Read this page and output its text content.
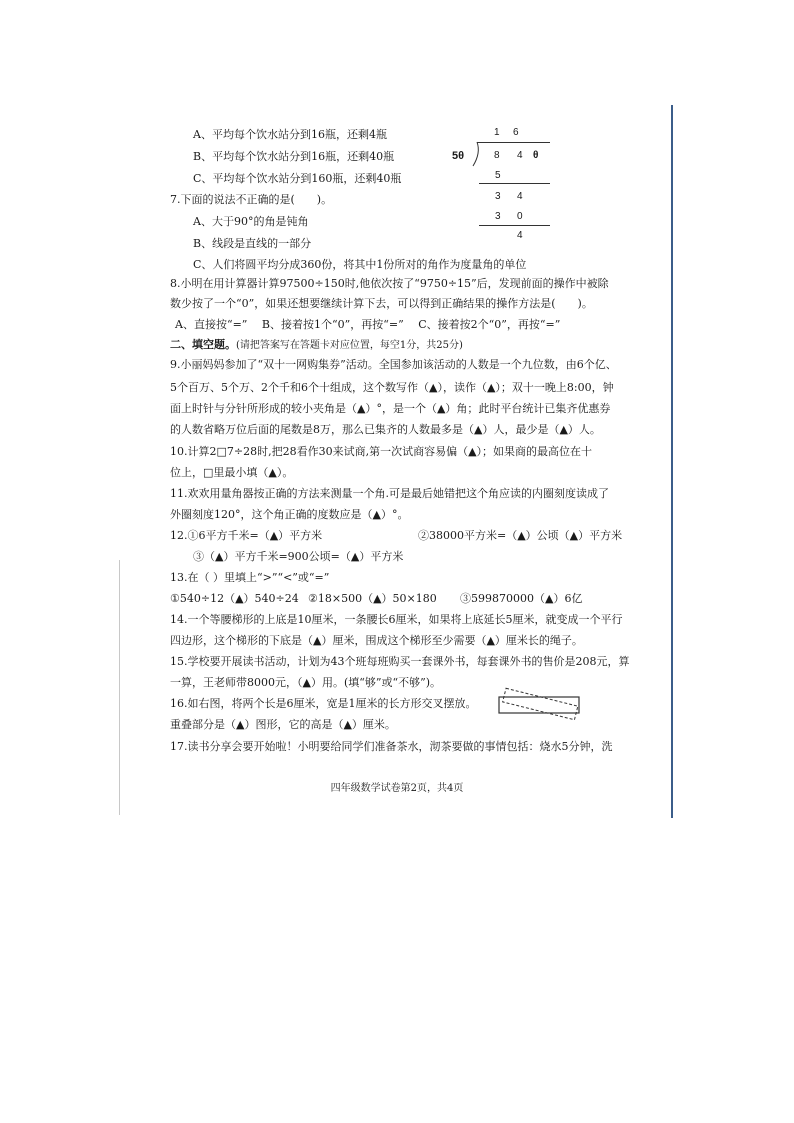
A、平均每个饮水站分到16瓶，还剩4瓶
B、平均每个饮水站分到16瓶，还剩40瓶
C、平均每个饮水站分到160瓶，还剩40瓶
1 6
5θ	8 4 θ
5
3 4
3 0
4
7.下面的说法不正确的是(　　)。
A、大于90°的角是钝角
B、线段是直线的一部分
C、人们将圆平均分成360份，将其中1份所对的角作为度量角的单位
8.小明在用计算器计算97500÷150时,他依次按了“9750÷15”后，发现前面的操作中被除
数少按了一个“0”，如果还想要继续计算下去，可以得到正确结果的操作方法是(　　)。
A、直接按“=”　 B、接着按1个“0”，再按“=”　 C、接着按2个“0”，再按“=”
二、填空题。(请把答案写在答题卡对应位置，每空1分，共25分)
9.小丽妈妈参加了“双十一网购集券”活动。全国参加该活动的人数是一个九位数，由6个亿、
5个百万、5个万、2个千和6个十组成，这个数写作（▲），读作（▲）；双十一晚上8:00，钟
面上时针与分针所形成的较小夹角是（▲）°，是一个（▲）角；此时平台统计已集齐优惠券
的人数省略万位后面的尾数是8万，那么已集齐的人数最多是（▲）人，最少是（▲）人。
10.计算2□7÷28时,把28看作30来试商,第一次试商容易偏（▲）；如果商的最高位在十
位上，□里最小填（▲）。
11.欢欢用量角器按正确的方法来测量一个角.可是最后她错把这个角应读的内圈刻度读成了
外圈刻度120°，这个角正确的度数应是（▲）°。
12.①6平方千米=（▲）平方米	②38000平方米=（▲）公顷（▲）平方米
③（▲）平方千米=900公顷=（▲）平方米
13.在（ ）里填上“>”“<”或“=”
①540÷12（▲）540÷24 ②18×500（▲）50×180 ③599870000（▲）6亿
14.一个等腰梯形的上底是10厘米，一条腰长6厘米，如果将上底延长5厘米，就变成一个平行
四边形，这个梯形的下底是（▲）厘米，围成这个梯形至少需要（▲）厘米长的绳子。
15.学校要开展读书活动，计划为43个班每班购买一套课外书，每套课外书的售价是208元，算
一算，王老师带8000元，（▲）用。(填“够”或“不够”)。
16.如右图，将两个长是6厘米，宽是1厘米的长方形交叉摆放。
重叠部分是（▲）图形，它的高是（▲）厘米。
17.读书分享会要开始啦！小明要给同学们准备茶水，沏茶要做的事情包括：烧水5分钟，洗
四年级数学试卷第2页，共4页
